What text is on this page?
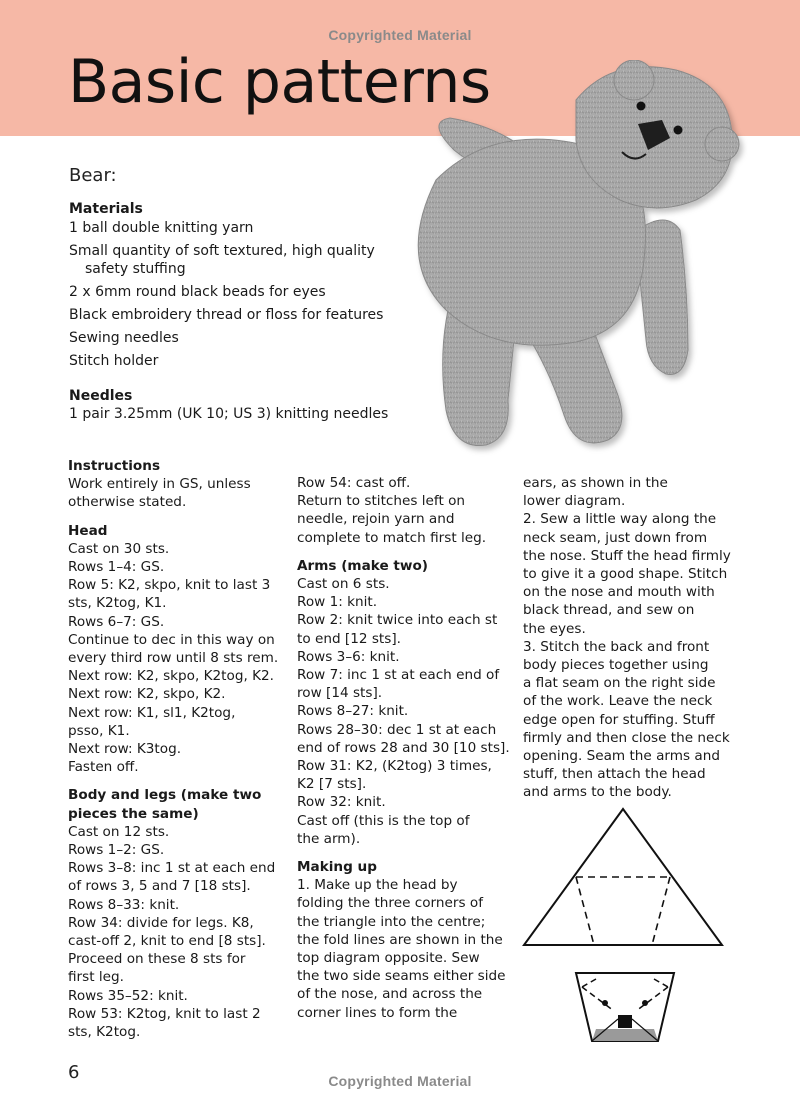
Copyrighted Material
Basic patterns
Bear:
Materials
1 ball double knitting yarn
Small quantity of soft textured, high quality
safety stuffing
2 x 6mm round black beads for eyes
Black embroidery thread or floss for features
Sewing needles
Stitch holder
Needles
1 pair 3.25mm (UK 10; US 3) knitting needles
Instructions
Work entirely in GS, unless
otherwise stated.
Head
Cast on 30 sts.
Rows 1–4: GS.
Row 5: K2, skpo, knit to last 3
sts, K2tog, K1.
Rows 6–7: GS.
Continue to dec in this way on
every third row until 8 sts rem.
Next row: K2, skpo, K2tog, K2.
Next row: K2, skpo, K2.
Next row: K1, sl1, K2tog,
psso, K1.
Next row: K3tog.
Fasten off.
Body and legs (make two
pieces the same)
Cast on 12 sts.
Rows 1–2: GS.
Rows 3–8: inc 1 st at each end
of rows 3, 5 and 7 [18 sts].
Rows 8–33: knit.
Row 34: divide for legs. K8,
cast-off 2, knit to end [8 sts].
Proceed on these 8 sts for
first leg.
Rows 35–52: knit.
Row 53: K2tog, knit to last 2
sts, K2tog.
Row 54: cast off.
Return to stitches left on
needle, rejoin yarn and
complete to match first leg.
Arms (make two)
Cast on 6 sts.
Row 1: knit.
Row 2: knit twice into each st
to end [12 sts].
Rows 3–6: knit.
Row 7: inc 1 st at each end of
row [14 sts].
Rows 8–27: knit.
Rows 28–30: dec 1 st at each
end of rows 28 and 30 [10 sts].
Row 31: K2, (K2tog) 3 times,
K2 [7 sts].
Row 32: knit.
Cast off (this is the top of
the arm).
Making up
1. Make up the head by
folding the three corners of
the triangle into the centre;
the fold lines are shown in the
top diagram opposite. Sew
the two side seams either side
of the nose, and across the
corner lines to form the
ears, as shown in the
lower diagram.
2. Sew a little way along the
neck seam, just down from
the nose. Stuff the head firmly
to give it a good shape. Stitch
on the nose and mouth with
black thread, and sew on
the eyes.
3. Stitch the back and front
body pieces together using
a flat seam on the right side
of the work. Leave the neck
edge open for stuffing. Stuff
firmly and then close the neck
opening. Seam the arms and
stuff, then attach the head
and arms to the body.
6	Copyrighted Material
